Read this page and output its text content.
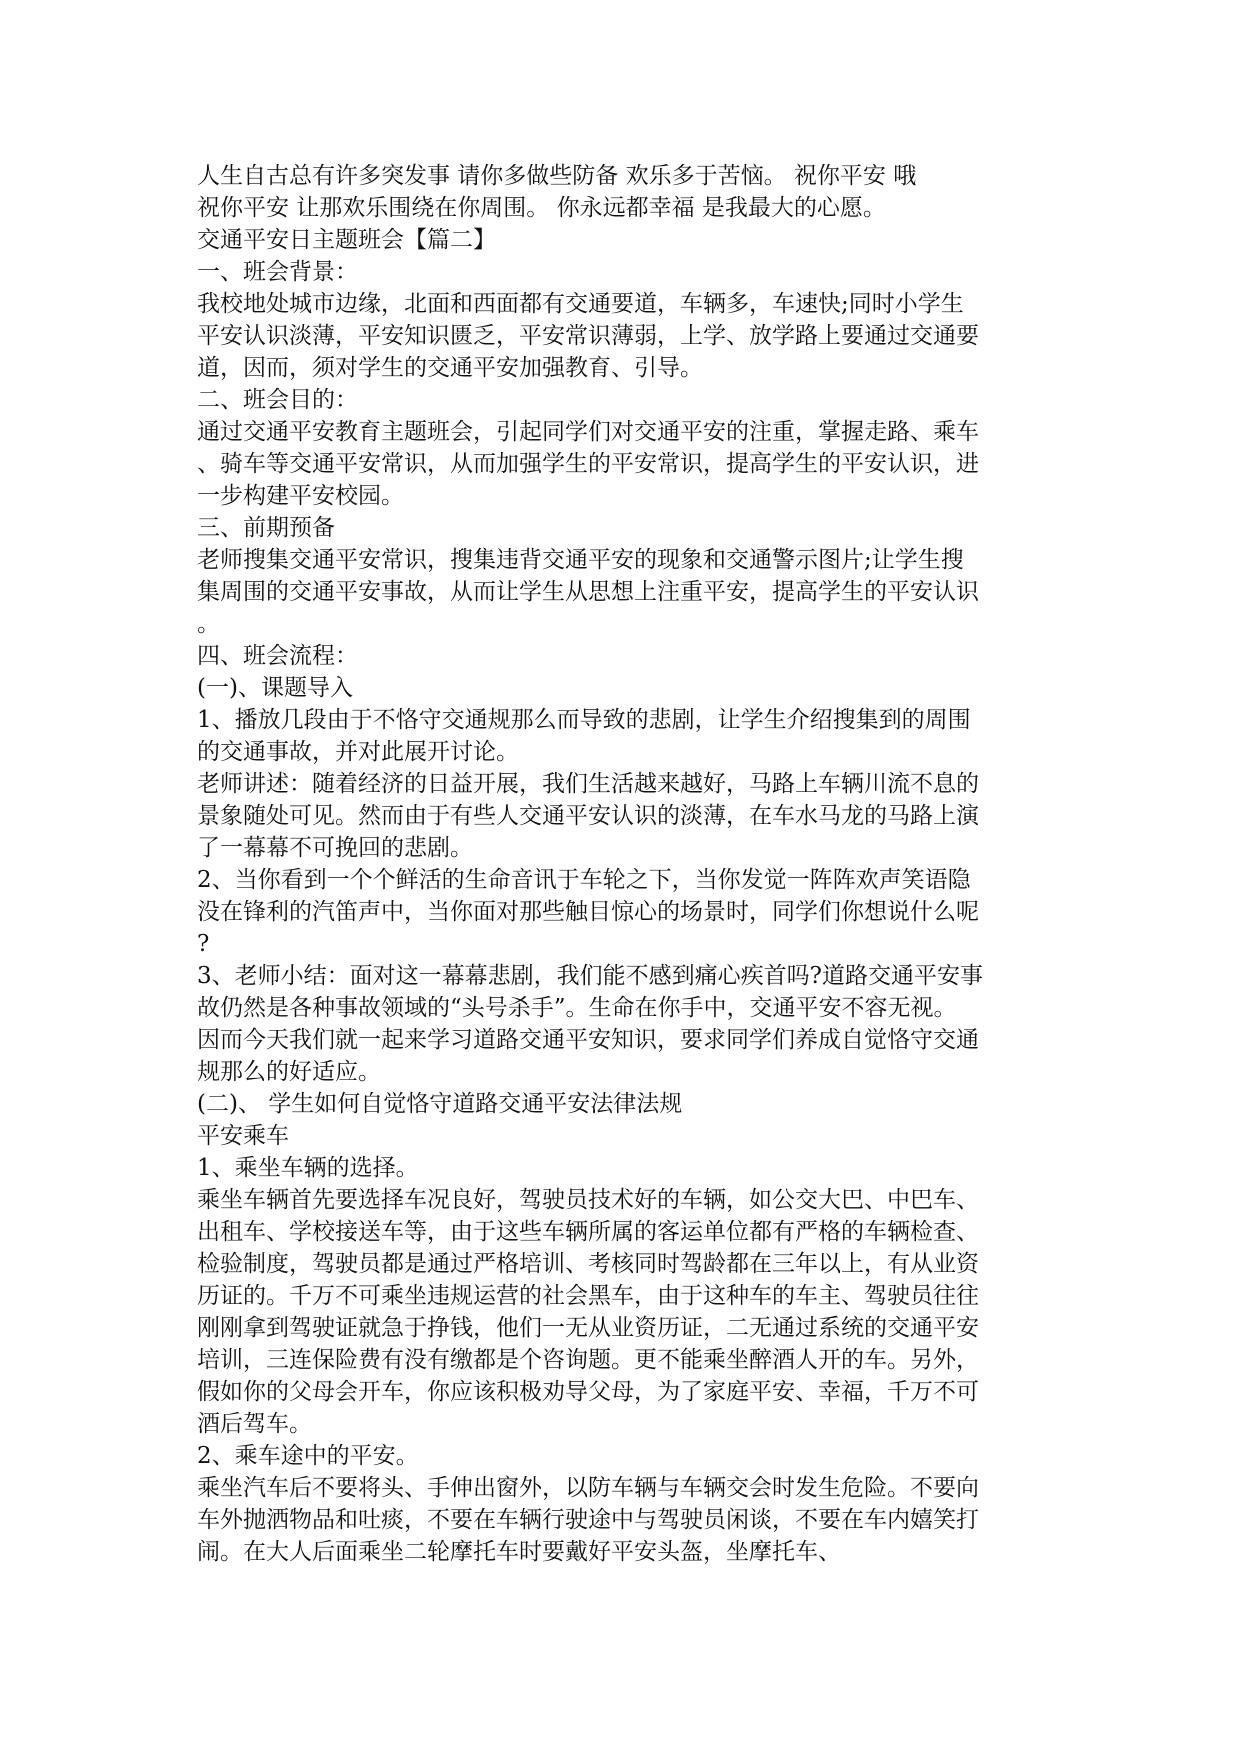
人生自古总有许多突发事 请你多做些防备 欢乐多于苦恼。 祝你平安 哦
祝你平安 让那欢乐围绕在你周围。 你永远都幸福 是我最大的心愿。
交通平安日主题班会【篇二】
一、班会背景：
我校地处城市边缘，北面和西面都有交通要道，车辆多，车速快;同时小学生
平安认识淡薄，平安知识匮乏，平安常识薄弱，上学、放学路上要通过交通要
道，因而，须对学生的交通平安加强教育、引导。
二、班会目的：
通过交通平安教育主题班会，引起同学们对交通平安的注重，掌握走路、乘车
、骑车等交通平安常识，从而加强学生的平安常识，提高学生的平安认识，进
一步构建平安校园。
三、前期预备
老师搜集交通平安常识，搜集违背交通平安的现象和交通警示图片;让学生搜
集周围的交通平安事故，从而让学生从思想上注重平安，提高学生的平安认识
。
四、班会流程：
(一)、课题导入
1、播放几段由于不恪守交通规那么而导致的悲剧，让学生介绍搜集到的周围
的交通事故，并对此展开讨论。
老师讲述：随着经济的日益开展，我们生活越来越好，马路上车辆川流不息的
景象随处可见。然而由于有些人交通平安认识的淡薄，在车水马龙的马路上演
了一幕幕不可挽回的悲剧。
2、当你看到一个个鲜活的生命音讯于车轮之下，当你发觉一阵阵欢声笑语隐
没在锋利的汽笛声中，当你面对那些触目惊心的场景时，同学们你想说什么呢
?
3、老师小结：面对这一幕幕悲剧，我们能不感到痛心疾首吗?道路交通平安事
故仍然是各种事故领域的“头号杀手”。生命在你手中，交通平安不容无视。
因而今天我们就一起来学习道路交通平安知识，要求同学们养成自觉恪守交通
规那么的好适应。
(二)、 学生如何自觉恪守道路交通平安法律法规
平安乘车
1、乘坐车辆的选择。
乘坐车辆首先要选择车况良好，驾驶员技术好的车辆，如公交大巴、中巴车、
出租车、学校接送车等，由于这些车辆所属的客运单位都有严格的车辆检查、
检验制度，驾驶员都是通过严格培训、考核同时驾龄都在三年以上，有从业资
历证的。千万不可乘坐违规运营的社会黑车，由于这种车的车主、驾驶员往往
刚刚拿到驾驶证就急于挣钱，他们一无从业资历证，二无通过系统的交通平安
培训，三连保险费有没有缴都是个咨询题。更不能乘坐醉酒人开的车。另外，
假如你的父母会开车，你应该积极劝导父母，为了家庭平安、幸福，千万不可
酒后驾车。
2、乘车途中的平安。
乘坐汽车后不要将头、手伸出窗外，以防车辆与车辆交会时发生危险。不要向
车外抛洒物品和吐痰，不要在车辆行驶途中与驾驶员闲谈，不要在车内嬉笑打
闹。在大人后面乘坐二轮摩托车时要戴好平安头盔，坐摩托车、
